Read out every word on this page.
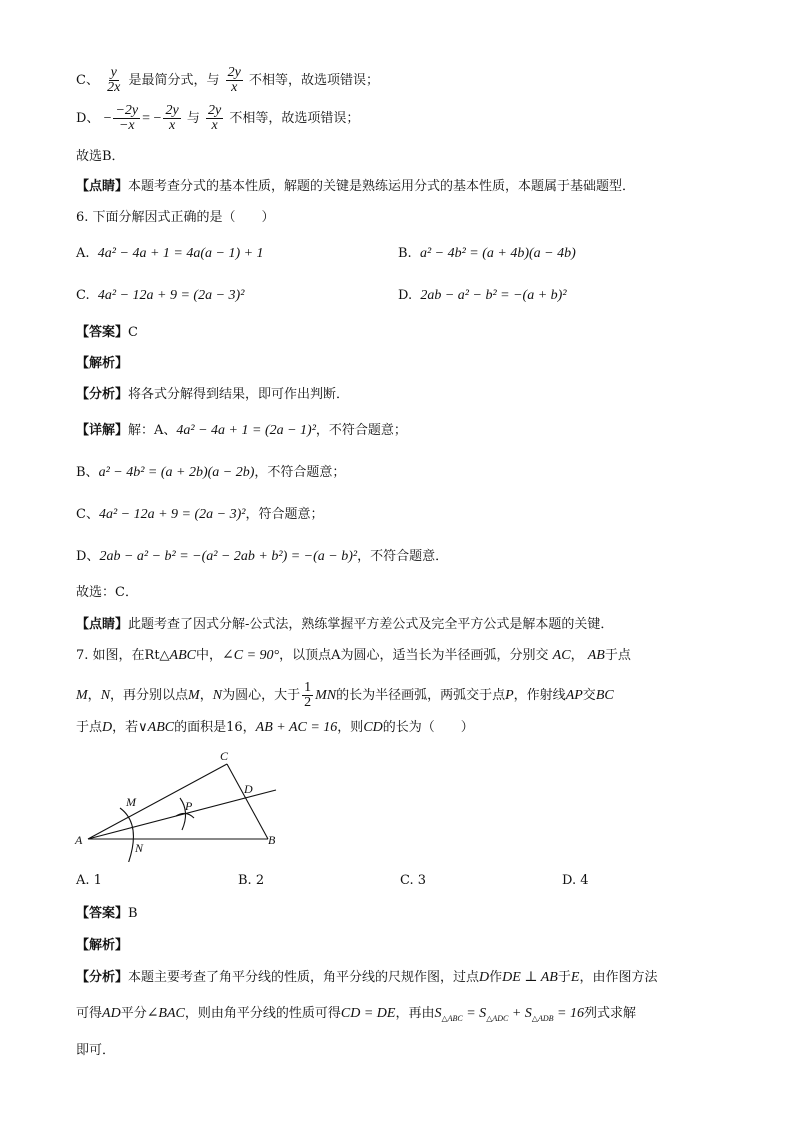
C、 $\frac{y}{2x}$ 是最简分式，与 $\frac{2y}{x}$ 不相等，故选项错误；
D、 − $\frac{-2y}{-x}$ = − $\frac{2y}{x}$ 与 $\frac{2y}{x}$ 不相等，故选项错误；
故选B．
【点睛】本题考查分式的基本性质，解题的关键是熟练运用分式的基本性质，本题属于基础题型．
6. 下面分解因式正确的是（　　）
A. 4a² − 4a + 1 = 4a(a − 1) + 1	B. a² − 4b² = (a + 4b)(a − 4b)
C. 4a² − 12a + 9 = (2a − 3)²	D. 2ab − a² − b² = −(a + b)²
【答案】C
【解析】
【分析】将各式分解得到结果，即可作出判断．
【详解】解：A、4a² − 4a + 1 = (2a − 1)²，不符合题意；
B、a² − 4b² = (a + 2b)(a − 2b)，不符合题意；
C、4a² − 12a + 9 = (2a − 3)²，符合题意；
D、2ab − a² − b² = −(a² − 2ab + b²) = −(a − b)²，不符合题意．
故选：C．
【点睛】此题考查了因式分解-公式法，熟练掌握平方差公式及完全平方公式是解本题的关键．
7. 如图，在Rt△ABC中，∠C = 90°，以顶点A为圆心，适当长为半径画弧，分别交 AC， AB于点
M，N，再分别以点M，N为圆心，大于 $\frac{1}{2}$ MN的长为半径画弧，两弧交于点P，作射线AP交BC
于点D，若∨ABC的面积是16，AB + AC = 16，则CD的长为（　　）
C
D
A	B
M
N
P
A. 1	B. 2	C. 3	D. 4
【答案】B
【解析】
【分析】本题主要考查了角平分线的性质，角平分线的尺规作图，过点D作DE ⊥ AB于E，由作图方法
可得AD平分∠BAC，则由角平分线的性质可得CD = DE，再由$S_{\triangle ABC} = S_{\triangle ADC} + S_{\triangle ADB} = 16$列式求解
即可．
